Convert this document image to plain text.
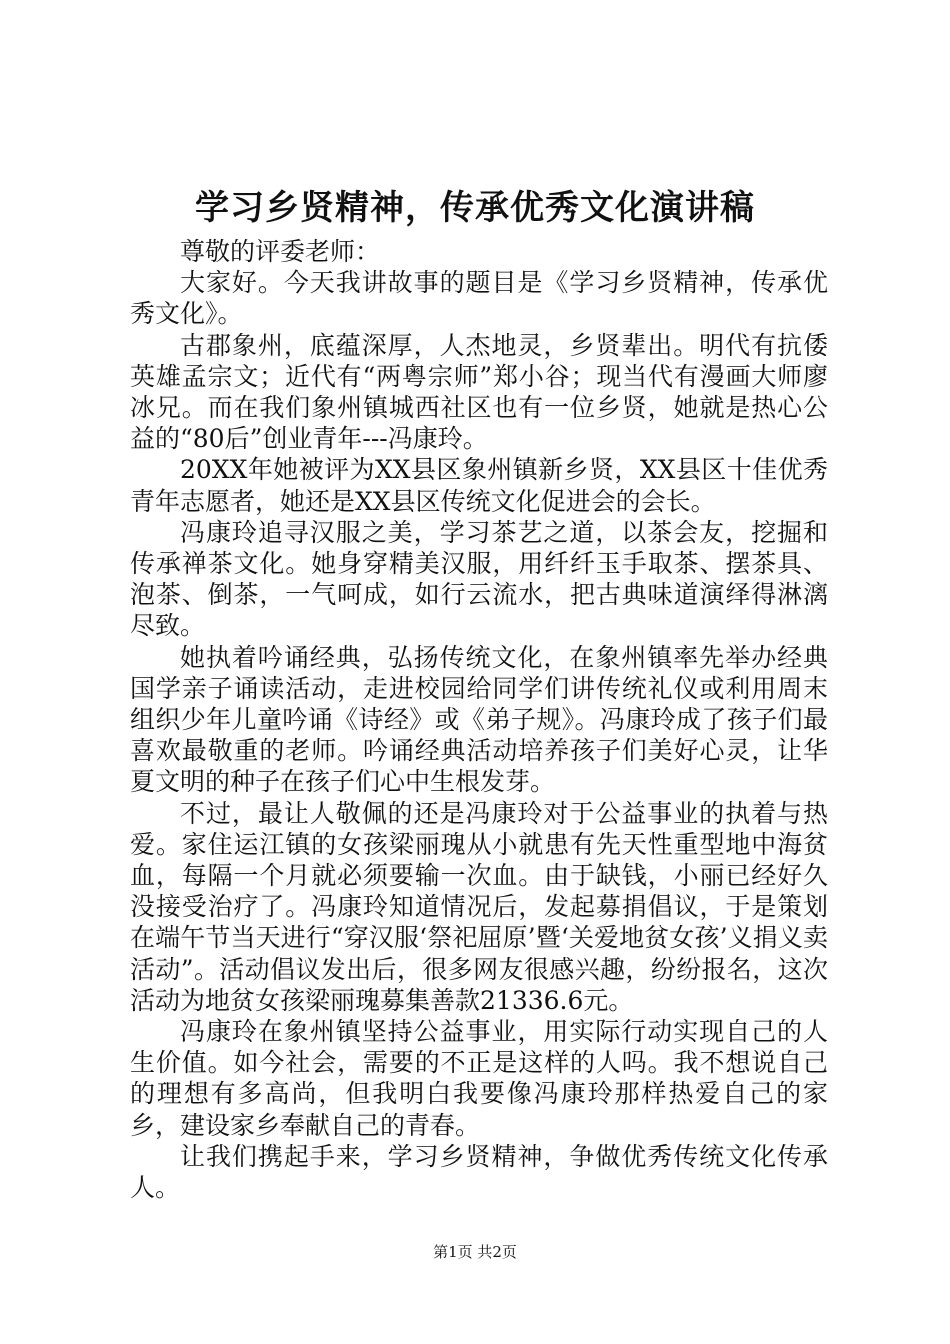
学习乡贤精神，传承优秀文化演讲稿

尊敬的评委老师：

大家好。今天我讲故事的题目是《学习乡贤精神，传承优秀文化》。

古郡象州，底蕴深厚，人杰地灵，乡贤辈出。明代有抗倭英雄孟宗文；近代有“两粤宗师”郑小谷；现当代有漫画大师廖冰兄。而在我们象州镇城西社区也有一位乡贤，她就是热心公益的“80后”创业青年---冯康玲。

20XX年她被评为XX县区象州镇新乡贤，XX县区十佳优秀青年志愿者，她还是XX县区传统文化促进会的会长。

冯康玲追寻汉服之美，学习茶艺之道，以茶会友，挖掘和传承禅茶文化。她身穿精美汉服，用纤纤玉手取茶、摆茶具、泡茶、倒茶，一气呵成，如行云流水，把古典味道演绎得淋漓尽致。

她执着吟诵经典，弘扬传统文化，在象州镇率先举办经典国学亲子诵读活动，走进校园给同学们讲传统礼仪或利用周末组织少年儿童吟诵《诗经》或《弟子规》。冯康玲成了孩子们最喜欢最敬重的老师。吟诵经典活动培养孩子们美好心灵，让华夏文明的种子在孩子们心中生根发芽。

不过，最让人敬佩的还是冯康玲对于公益事业的执着与热爱。家住运江镇的女孩梁丽瑰从小就患有先天性重型地中海贫血，每隔一个月就必须要输一次血。由于缺钱，小丽已经好久没接受治疗了。冯康玲知道情况后，发起募捐倡议，于是策划在端午节当天进行“穿汉服‘祭祀屈原’暨‘关爱地贫女孩’义捐义卖活动”。活动倡议发出后，很多网友很感兴趣，纷纷报名，这次活动为地贫女孩梁丽瑰募集善款21336.6元。

冯康玲在象州镇坚持公益事业，用实际行动实现自己的人生价值。如今社会，需要的不正是这样的人吗。我不想说自己的理想有多高尚，但我明白我要像冯康玲那样热爱自己的家乡，建设家乡奉献自己的青春。

让我们携起手来，学习乡贤精神，争做优秀传统文化传承人。

第1页 共2页
